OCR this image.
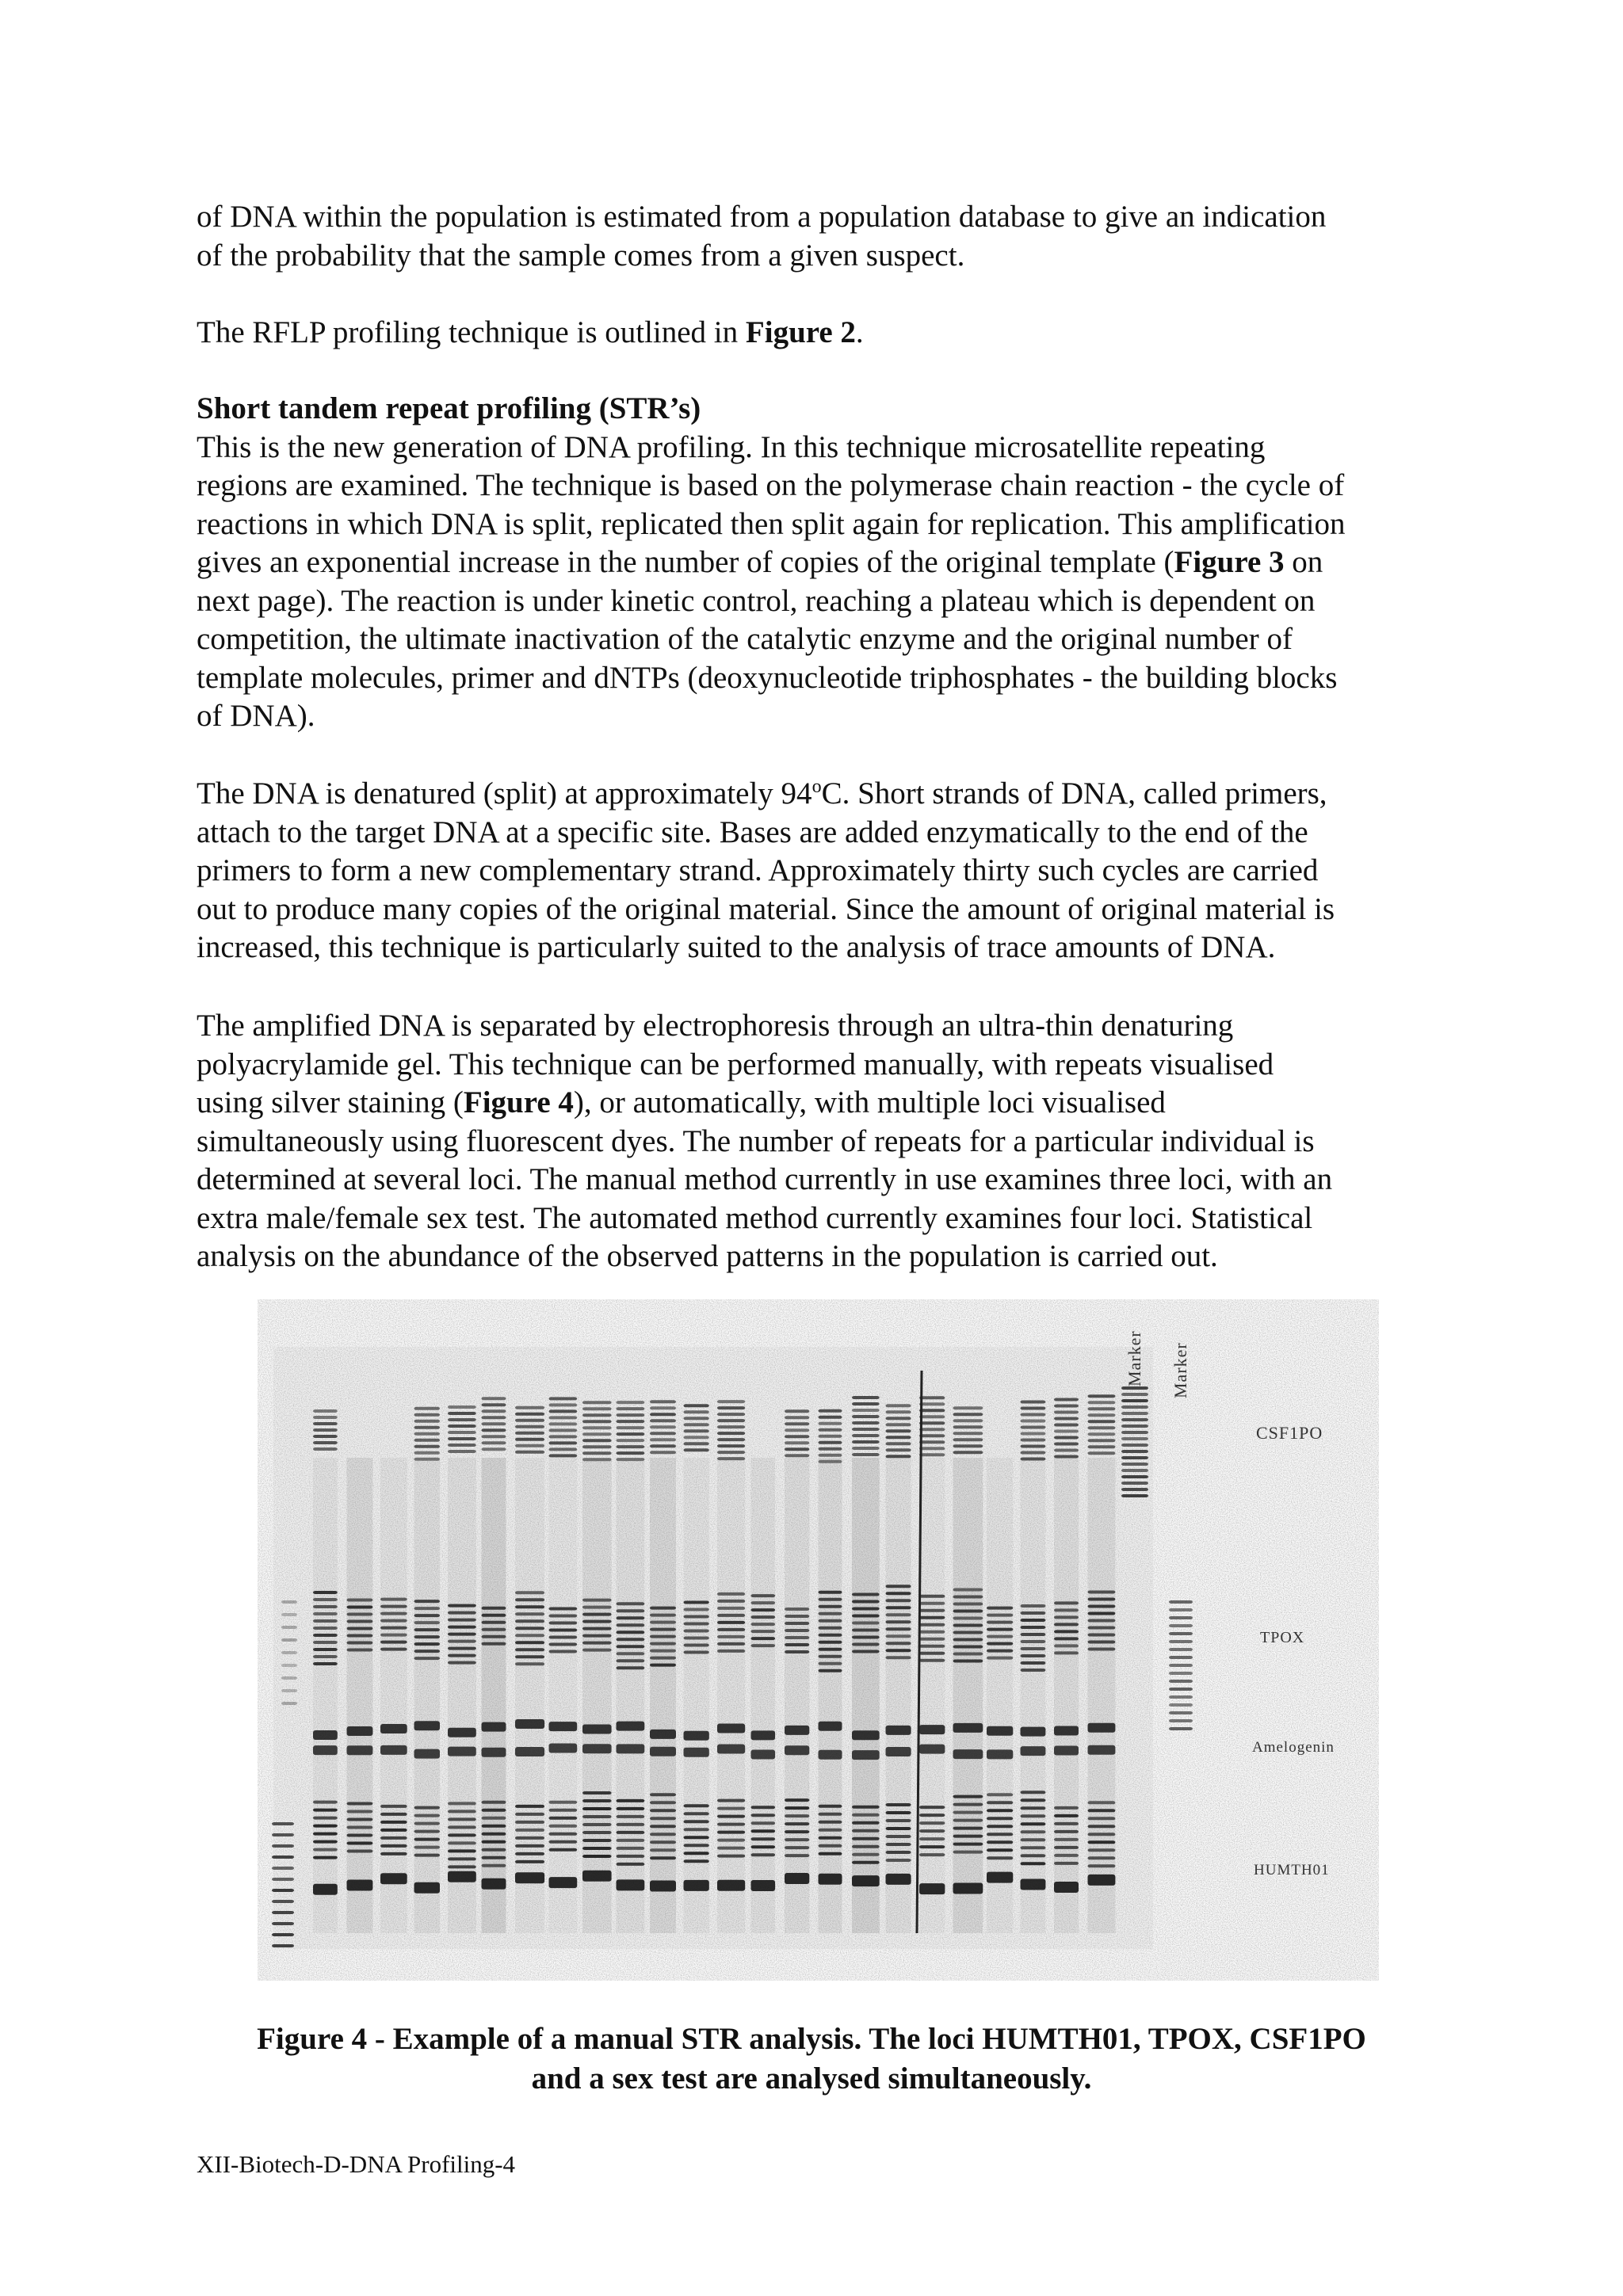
of DNA within the population is estimated from a population database to give an indication
of the probability that the sample comes from a given suspect.

The RFLP profiling technique is outlined in Figure 2.

Short tandem repeat profiling (STR’s)
This is the new generation of DNA profiling. In this technique microsatellite repeating
regions are examined. The technique is based on the polymerase chain reaction - the cycle of
reactions in which DNA is split, replicated then split again for replication. This amplification
gives an exponential increase in the number of copies of the original template (Figure 3 on
next page). The reaction is under kinetic control, reaching a plateau which is dependent on
competition, the ultimate inactivation of the catalytic enzyme and the original number of
template molecules, primer and dNTPs (deoxynucleotide triphosphates - the building blocks
of DNA).

The DNA is denatured (split) at approximately 94$^o$C. Short strands of DNA, called primers,
attach to the target DNA at a specific site. Bases are added enzymatically to the end of the
primers to form a new complementary strand. Approximately thirty such cycles are carried
out to produce many copies of the original material. Since the amount of original material is
increased, this technique is particularly suited to the analysis of trace amounts of DNA.

The amplified DNA is separated by electrophoresis through an ultra-thin denaturing
polyacrylamide gel. This technique can be performed manually, with repeats visualised
using silver staining (Figure 4), or automatically, with multiple loci visualised
simultaneously using fluorescent dyes. The number of repeats for a particular individual is
determined at several loci. The manual method currently in use examines three loci, with an
extra male/female sex test. The automated method currently examines four loci. Statistical
analysis on the abundance of the observed patterns in the population is carried out.

Marker Marker
CSF1PO
TPOX
Amelogenin
HUMTH01
Figure 4 - Example of a manual STR analysis. The loci HUMTH01, TPOX, CSF1PO
and a sex test are analysed simultaneously.
XII-Biotech-D-DNA Profiling-4
